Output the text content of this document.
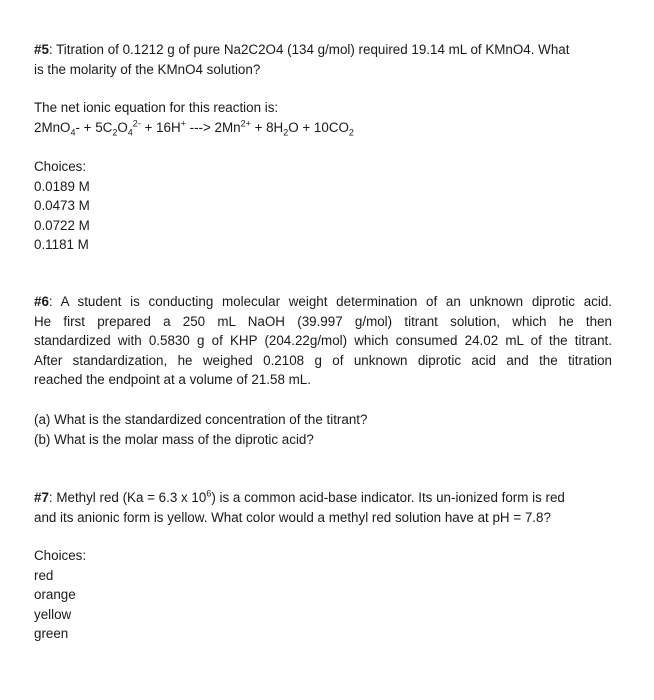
#5: Titration of 0.1212 g of pure Na2C2O4 (134 g/mol) required 19.14 mL of KMnO4. What
is the molarity of the KMnO4 solution?
The net ionic equation for this reaction is:
$2MnO_4- + 5C_2O_4^{2-} + 16H^+$ ---> $2Mn^{2+} + 8H_2O + 10CO_2$
Choices:
0.0189 M
0.0473 M
0.0722 M
0.1181 M
#6: A student is conducting molecular weight determination of an unknown diprotic acid.
He first prepared a 250 mL NaOH (39.997 g/mol) titrant solution, which he then
standardized with 0.5830 g of KHP (204.22g/mol) which consumed 24.02 mL of the titrant.
After standardization, he weighed 0.2108 g of unknown diprotic acid and the titration
reached the endpoint at a volume of 21.58 mL.
(a) What is the standardized concentration of the titrant?
(b) What is the molar mass of the diprotic acid?
#7: Methyl red (Ka = 6.3 x $10^6$) is a common acid-base indicator. Its un-ionized form is red
and its anionic form is yellow. What color would a methyl red solution have at pH = 7.8?
Choices:
red
orange
yellow
green
